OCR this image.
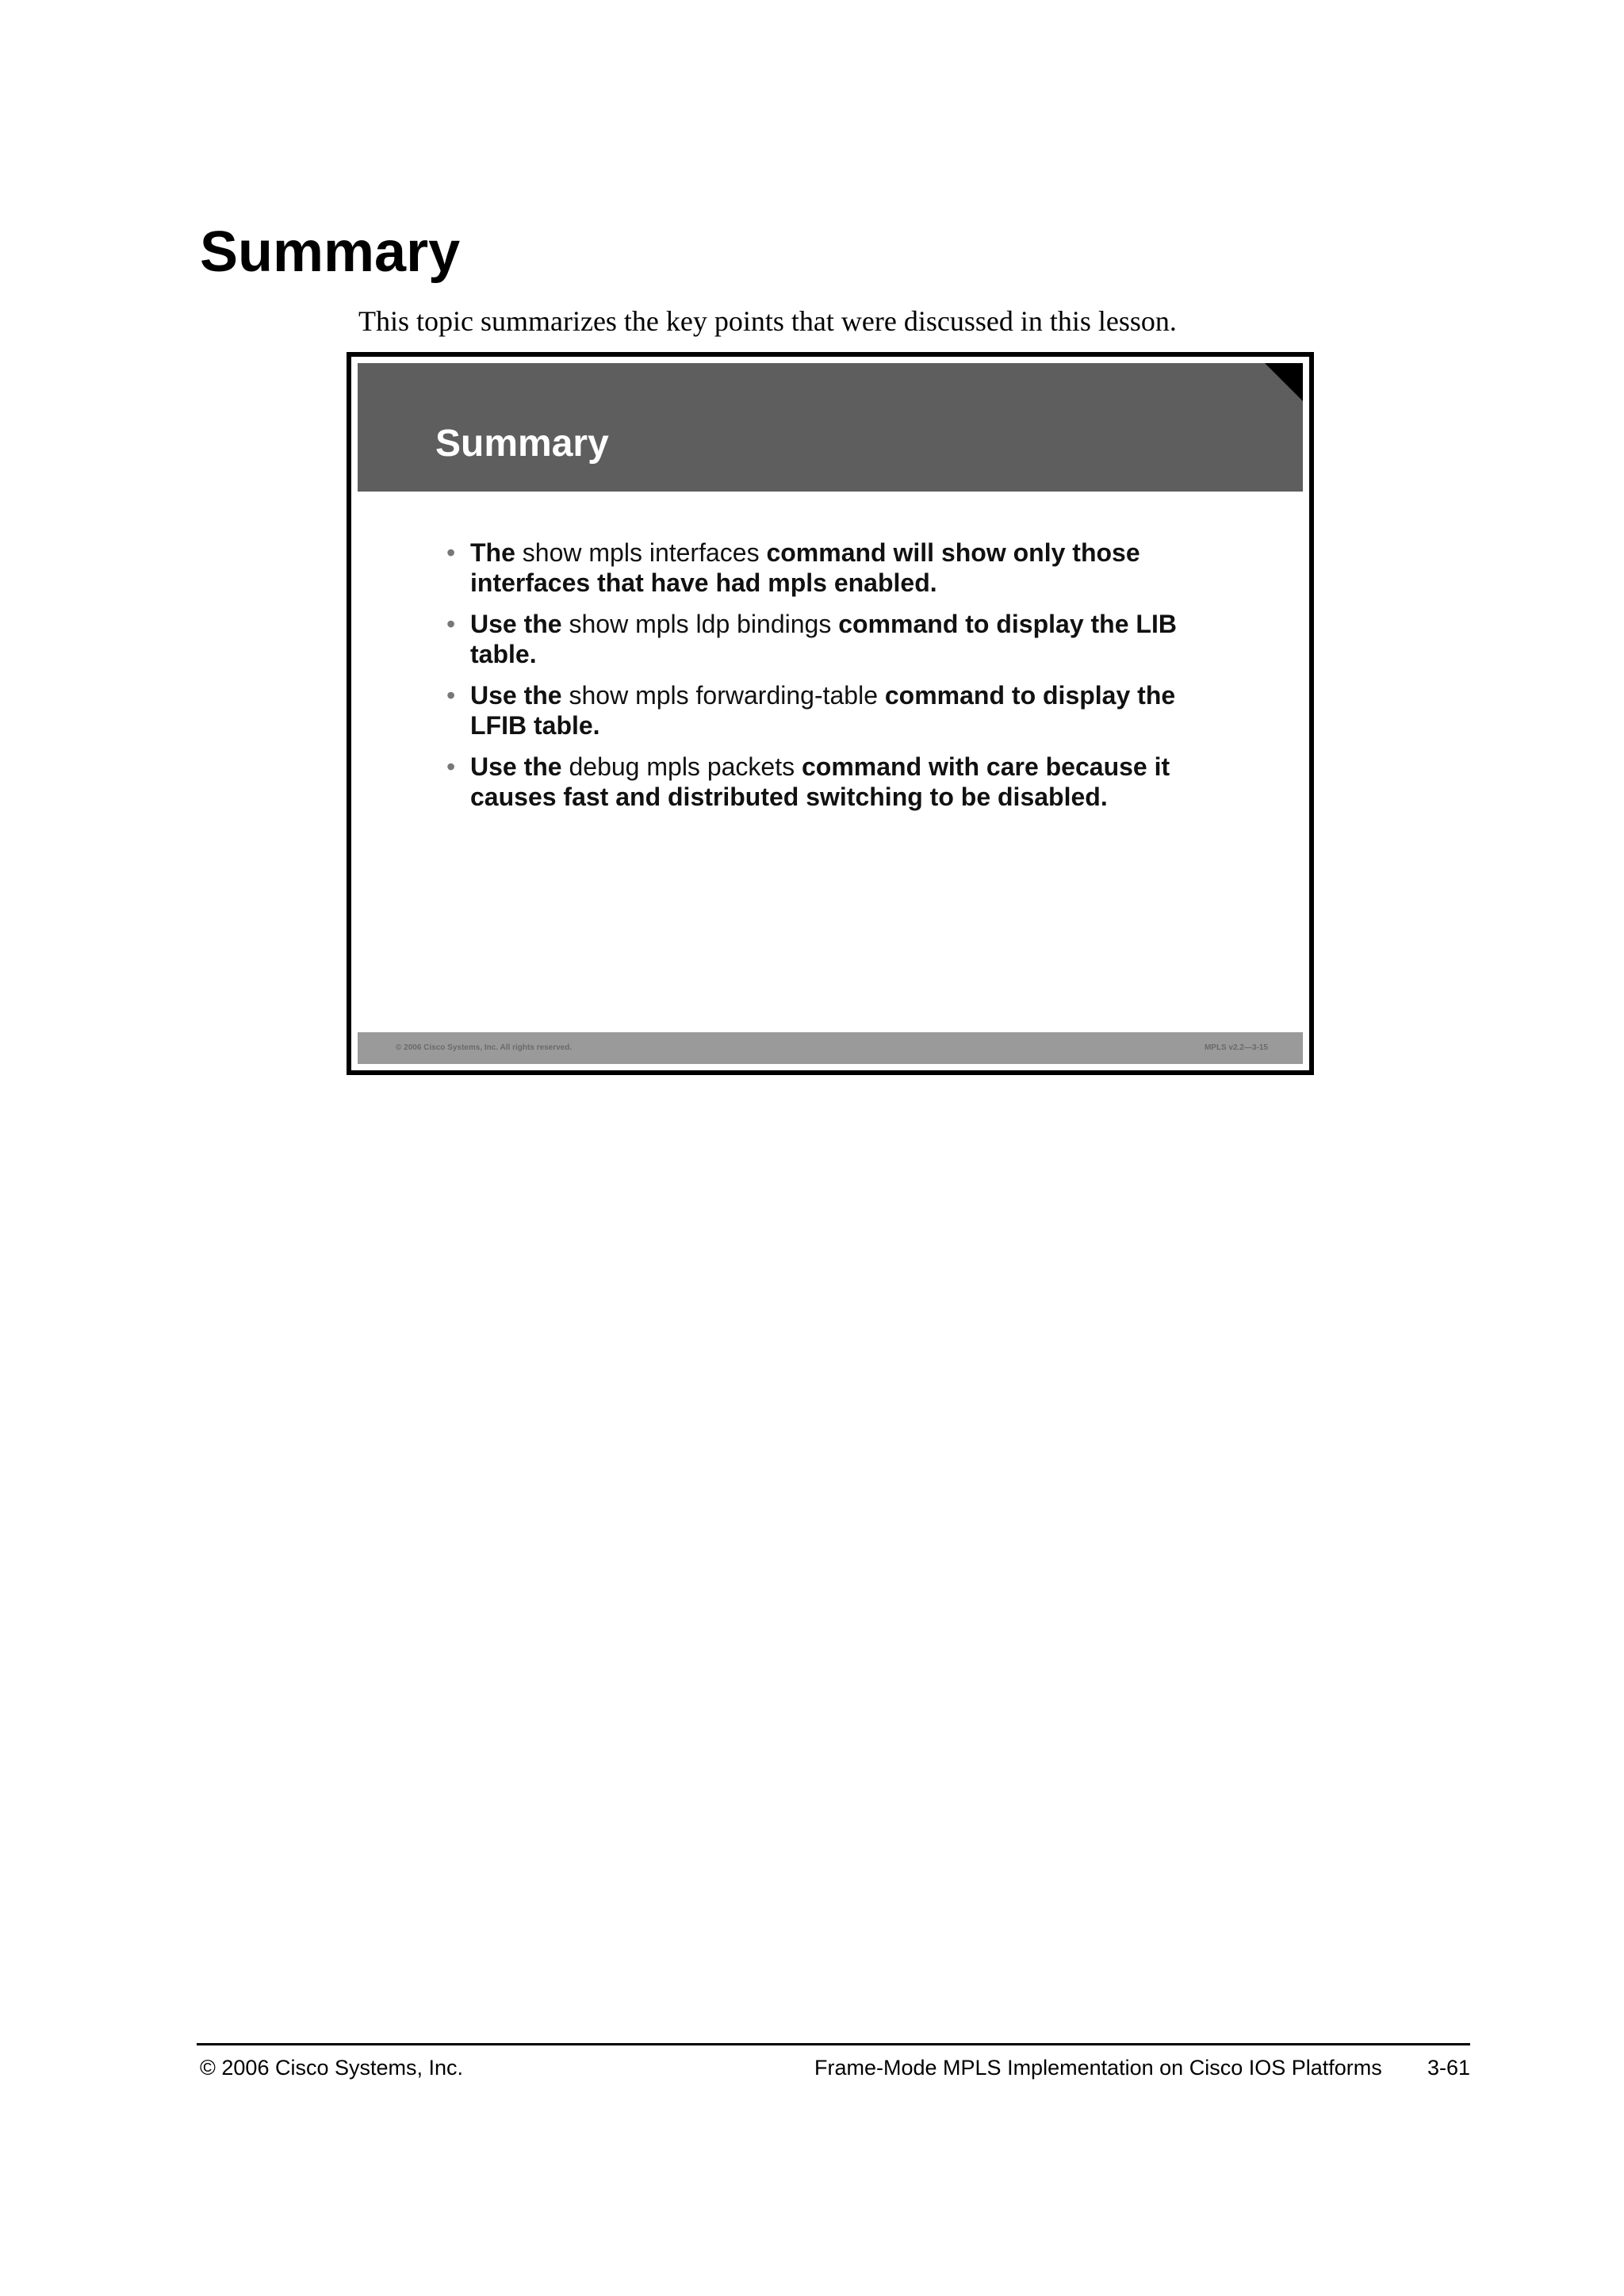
Summary
This topic summarizes the key points that were discussed in this lesson.
Summary
• The show mpls interfaces command will show only those interfaces that have had mpls enabled.
• Use the show mpls ldp bindings command to display the LIB table.
• Use the show mpls forwarding-table command to display the LFIB table.
• Use the debug mpls packets command with care because it causes fast and distributed switching to be disabled.
© 2006 Cisco Systems, Inc. All rights reserved.	MPLS v2.2—3-15
© 2006 Cisco Systems, Inc.	Frame-Mode MPLS Implementation on Cisco IOS Platforms 3-61
